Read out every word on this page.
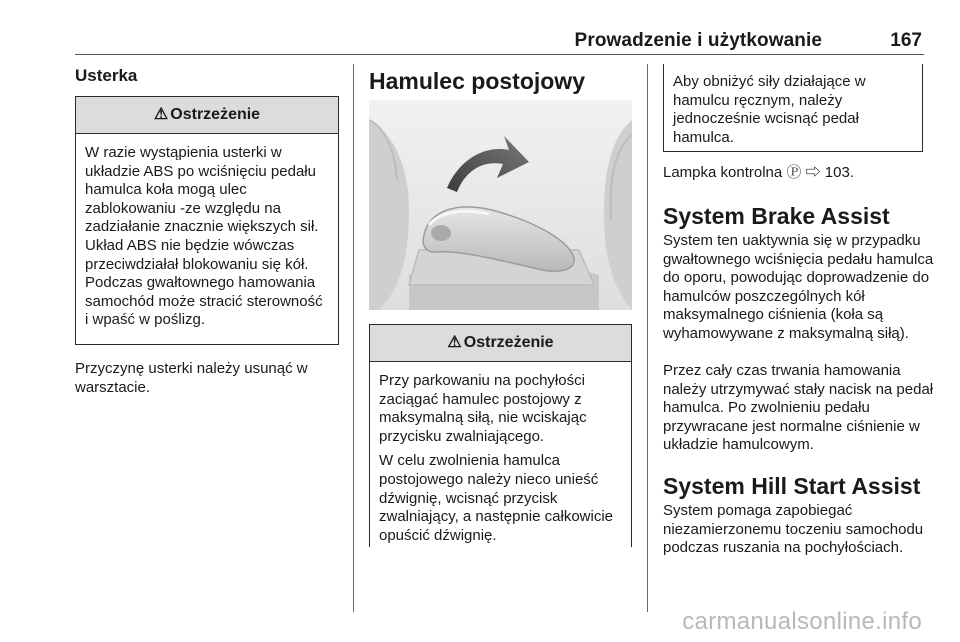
Prowadzenie i użytkowanie	167
Usterka
⚠ Ostrzeżenie

W razie wystąpienia usterki w układzie ABS po wciśnięciu pedału hamulca koła mogą ulec zablokowaniu -ze względu na zadziałanie znacznie większych sił. Układ ABS nie będzie wówczas przeciwdziałał blokowaniu się kół. Podczas gwałtownego hamowania samochód może stracić sterowność i wpaść w poślizg.

Przyczynę usterki należy usunąć w warsztacie.

Hamulec postojowy
⚠ Ostrzeżenie

Przy parkowaniu na pochyłości zaciągać hamulec postojowy z maksymalną siłą, nie wciskając przycisku zwalniającego.

W celu zwolnienia hamulca postojowego należy nieco unieść dźwignię, wcisnąć przycisk zwalniający, a następnie całkowicie opuścić dźwignię.

Aby obniżyć siły działające w hamulcu ręcznym, należy jednocześnie wcisnąć pedał hamulca.

Lampka kontrolna Ⓟ ⇨ 103.

System Brake Assist

System ten uaktywnia się w przypadku gwałtownego wciśnięcia pedału hamulca do oporu, powodując doprowadzenie do hamulców poszczególnych kół maksymalnego ciśnienia (koła są wyhamowywane z maksymalną siłą).

Przez cały czas trwania hamowania należy utrzymywać stały nacisk na pedał hamulca. Po zwolnieniu pedału przywracane jest normalne ciśnienie w układzie hamulcowym.

System Hill Start Assist

System pomaga zapobiegać niezamierzonemu toczeniu samochodu podczas ruszania na pochyłościach.

carmanualsonline.info
